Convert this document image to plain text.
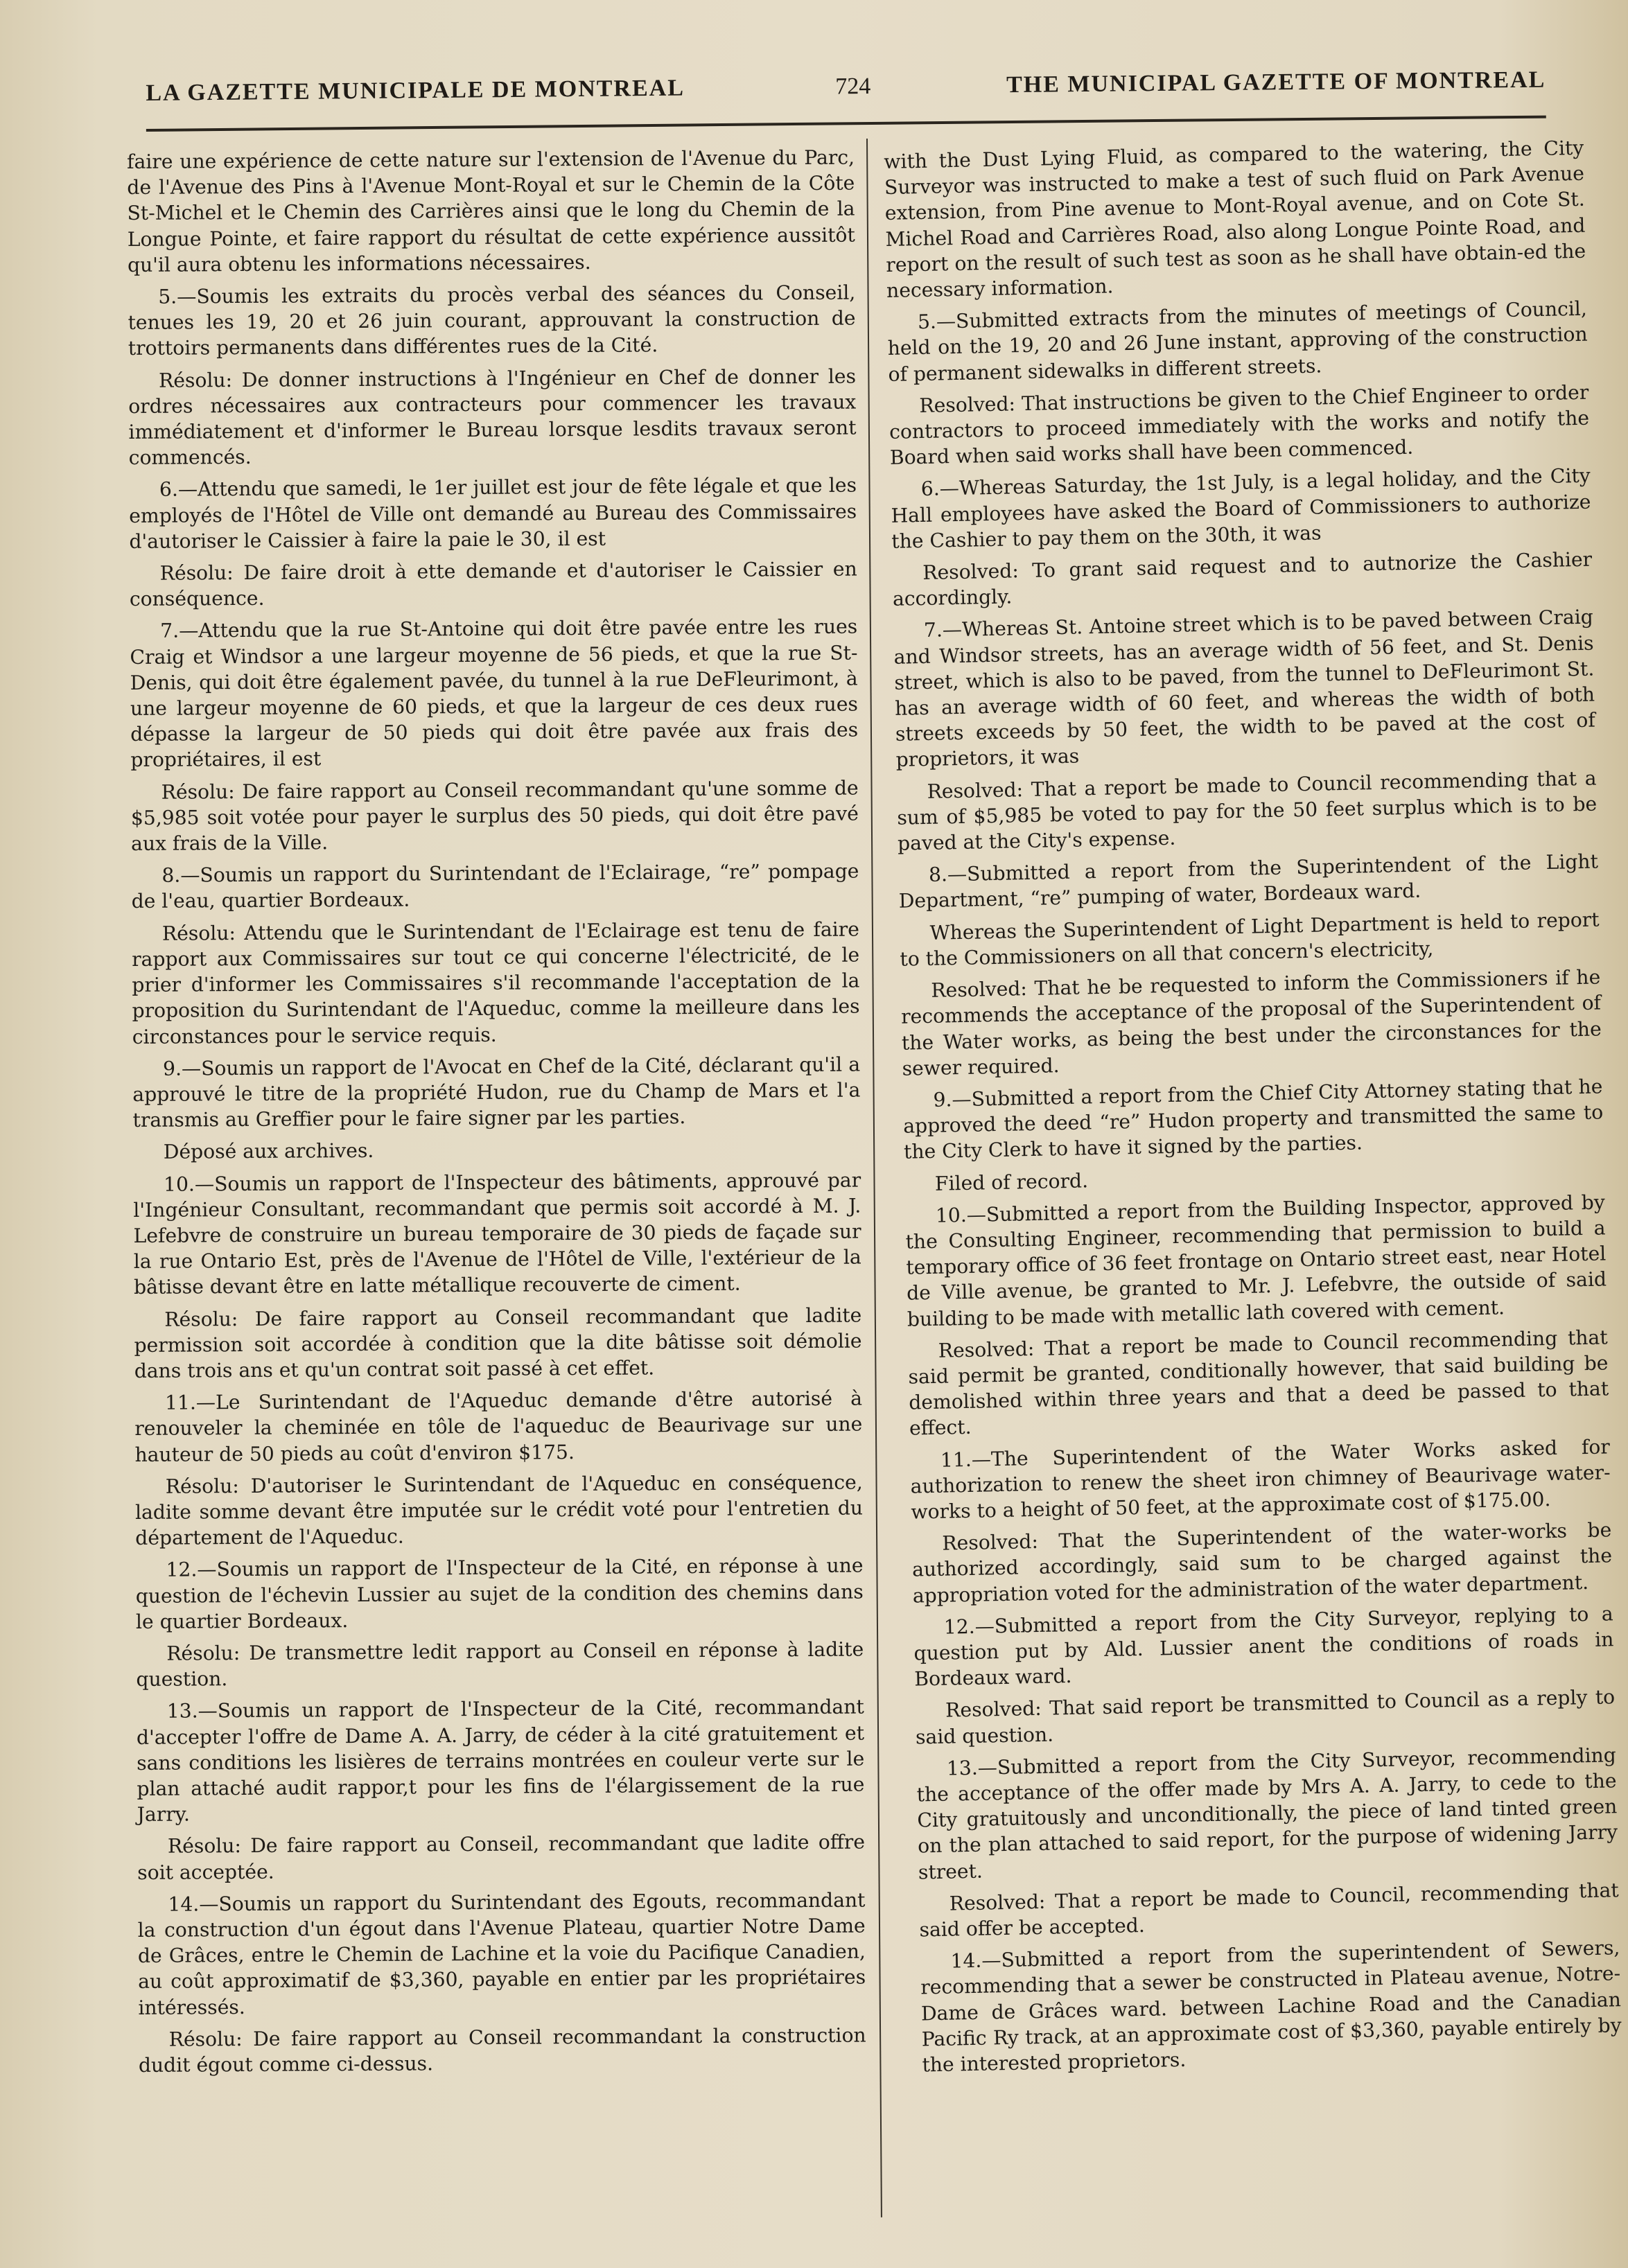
LA GAZETTE MUNICIPALE DE MONTREAL	724	THE MUNICIPAL GAZETTE OF MONTREAL

faire une expérience de cette nature sur l'extension de l'Avenue du Parc, de l'Avenue des Pins à l'Avenue Mont-Royal et sur le Chemin de la Côte St-Michel et le Chemin des Carrières ainsi que le long du Chemin de la Longue Pointe, et faire rapport du résultat de cette expérience aussitôt qu'il aura obtenu les informations nécessaires.

5.—Soumis les extraits du procès verbal des séances du Conseil, tenues les 19, 20 et 26 juin courant, approuvant la construction de trottoirs permanents dans différentes rues de la Cité.

Résolu: De donner instructions à l'Ingénieur en Chef de donner les ordres nécessaires aux contracteurs pour commencer les travaux immédiatement et d'informer le Bureau lorsque lesdits travaux seront commencés.

6.—Attendu que samedi, le 1er juillet est jour de fête légale et que les employés de l'Hôtel de Ville ont demandé au Bureau des Commissaires d'autoriser le Caissier à faire la paie le 30, il est

Résolu: De faire droit à ette demande et d'autoriser le Caissier en conséquence.

7.—Attendu que la rue St-Antoine qui doit être pavée entre les rues Craig et Windsor a une largeur moyenne de 56 pieds, et que la rue St-Denis, qui doit être également pavée, du tunnel à la rue DeFleurimont, à une largeur moyenne de 60 pieds, et que la largeur de ces deux rues dépasse la largeur de 50 pieds qui doit être pavée aux frais des propriétaires, il est

Résolu: De faire rapport au Conseil recommandant qu'une somme de $5,985 soit votée pour payer le surplus des 50 pieds, qui doit être pavé aux frais de la Ville.

8.—Soumis un rapport du Surintendant de l'Eclairage, “re” pompage de l'eau, quartier Bordeaux.

Résolu: Attendu que le Surintendant de l'Eclairage est tenu de faire rapport aux Commissaires sur tout ce qui concerne l'électricité, de le prier d'informer les Commissaires s'il recommande l'acceptation de la proposition du Surintendant de l'Aqueduc, comme la meilleure dans les circonstances pour le service requis.

9.—Soumis un rapport de l'Avocat en Chef de la Cité, déclarant qu'il a approuvé le titre de la propriété Hudon, rue du Champ de Mars et l'a transmis au Greffier pour le faire signer par les parties.

Déposé aux archives.

10.—Soumis un rapport de l'Inspecteur des bâtiments, approuvé par l'Ingénieur Consultant, recommandant que permis soit accordé à M. J. Lefebvre de construire un bureau temporaire de 30 pieds de façade sur la rue Ontario Est, près de l'Avenue de l'Hôtel de Ville, l'extérieur de la bâtisse devant être en latte métallique recouverte de ciment.

Résolu: De faire rapport au Conseil recommandant que ladite permission soit accordée à condition que la dite bâtisse soit démolie dans trois ans et qu'un contrat soit passé à cet effet.

11.—Le Surintendant de l'Aqueduc demande d'être autorisé à renouveler la cheminée en tôle de l'aqueduc de Beaurivage sur une hauteur de 50 pieds au coût d'environ $175.

Résolu: D'autoriser le Surintendant de l'Aqueduc en conséquence, ladite somme devant être imputée sur le crédit voté pour l'entretien du département de l'Aqueduc.

12.—Soumis un rapport de l'Inspecteur de la Cité, en réponse à une question de l'échevin Lussier au sujet de la condition des chemins dans le quartier Bordeaux.

Résolu: De transmettre ledit rapport au Conseil en réponse à ladite question.

13.—Soumis un rapport de l'Inspecteur de la Cité, recommandant d'accepter l'offre de Dame A. A. Jarry, de céder à la cité gratuitement et sans conditions les lisières de terrains montrées en couleur verte sur le plan attaché audit rappor,t pour les fins de l'élargissement de la rue Jarry.

Résolu: De faire rapport au Conseil, recommandant que ladite offre soit acceptée.

14.—Soumis un rapport du Surintendant des Egouts, recommandant la construction d'un égout dans l'Avenue Plateau, quartier Notre Dame de Grâces, entre le Chemin de Lachine et la voie du Pacifique Canadien, au coût approximatif de $3,360, payable en entier par les propriétaires intéressés.

Résolu: De faire rapport au Conseil recommandant la construction dudit égout comme ci-dessus.

with the Dust Lying Fluid, as compared to the watering, the City Surveyor was instructed to make a test of such fluid on Park Avenue extension, from Pine avenue to Mont-Royal avenue, and on Cote St. Michel Road and Carrières Road, also along Longue Pointe Road, and report on the result of such test as soon as he shall have obtain-ed the necessary information.

5.—Submitted extracts from the minutes of meetings of Council, held on the 19, 20 and 26 June instant, approving of the construction of permanent sidewalks in different streets.

Resolved: That instructions be given to the Chief Engineer to order contractors to proceed immediately with the works and notify the Board when said works shall have been commenced.

6.—Whereas Saturday, the 1st July, is a legal holiday, and the City Hall employees have asked the Board of Commissioners to authorize the Cashier to pay them on the 30th, it was

Resolved: To grant said request and to autnorize the Cashier accordingly.

7.—Whereas St. Antoine street which is to be paved between Craig and Windsor streets, has an average width of 56 feet, and St. Denis street, which is also to be paved, from the tunnel to DeFleurimont St. has an average width of 60 feet, and whereas the width of both streets exceeds by 50 feet, the width to be paved at the cost of proprietors, it was

Resolved: That a report be made to Council recommending that a sum of $5,985 be voted to pay for the 50 feet surplus which is to be paved at the City's expense.

8.—Submitted a report from the Superintendent of the Light Department, “re” pumping of water, Bordeaux ward.

Whereas the Superintendent of Light Department is held to report to the Commissioners on all that concern's electricity,

Resolved: That he be requested to inform the Commissioners if he recommends the acceptance of the proposal of the Superintendent of the Water works, as being the best under the circonstances for the sewer required.

9.—Submitted a report from the Chief City Attorney stating that he approved the deed “re” Hudon property and transmitted the same to the City Clerk to have it signed by the parties.

Filed of record.

10.—Submitted a report from the Building Inspector, approved by the Consulting Engineer, recommending that permission to build a temporary office of 36 feet frontage on Ontario street east, near Hotel de Ville avenue, be granted to Mr. J. Lefebvre, the outside of said building to be made with metallic lath covered with cement.

Resolved: That a report be made to Council recommending that said permit be granted, conditionally however, that said building be demolished within three years and that a deed be passed to that effect.

11.—The Superintendent of the Water Works asked for authorization to renew the sheet iron chimney of Beaurivage water-works to a height of 50 feet, at the approximate cost of $175.00.

Resolved: That the Superintendent of the water-works be authorized accordingly, said sum to be charged against the appropriation voted for the administration of the water department.

12.—Submitted a report from the City Surveyor, replying to a question put by Ald. Lussier anent the conditions of roads in Bordeaux ward.

Resolved: That said report be transmitted to Council as a reply to said question.

13.—Submitted a report from the City Surveyor, recommending the acceptance of the offer made by Mrs A. A. Jarry, to cede to the City gratuitously and unconditionally, the piece of land tinted green on the plan attached to said report, for the purpose of widening Jarry street.

Resolved: That a report be made to Council, recommending that said offer be accepted.

14.—Submitted a report from the superintendent of Sewers, recommending that a sewer be constructed in Plateau avenue, Notre-Dame de Grâces ward. between Lachine Road and the Canadian Pacific Ry track, at an approximate cost of $3,360, payable entirely by the interested proprietors.
